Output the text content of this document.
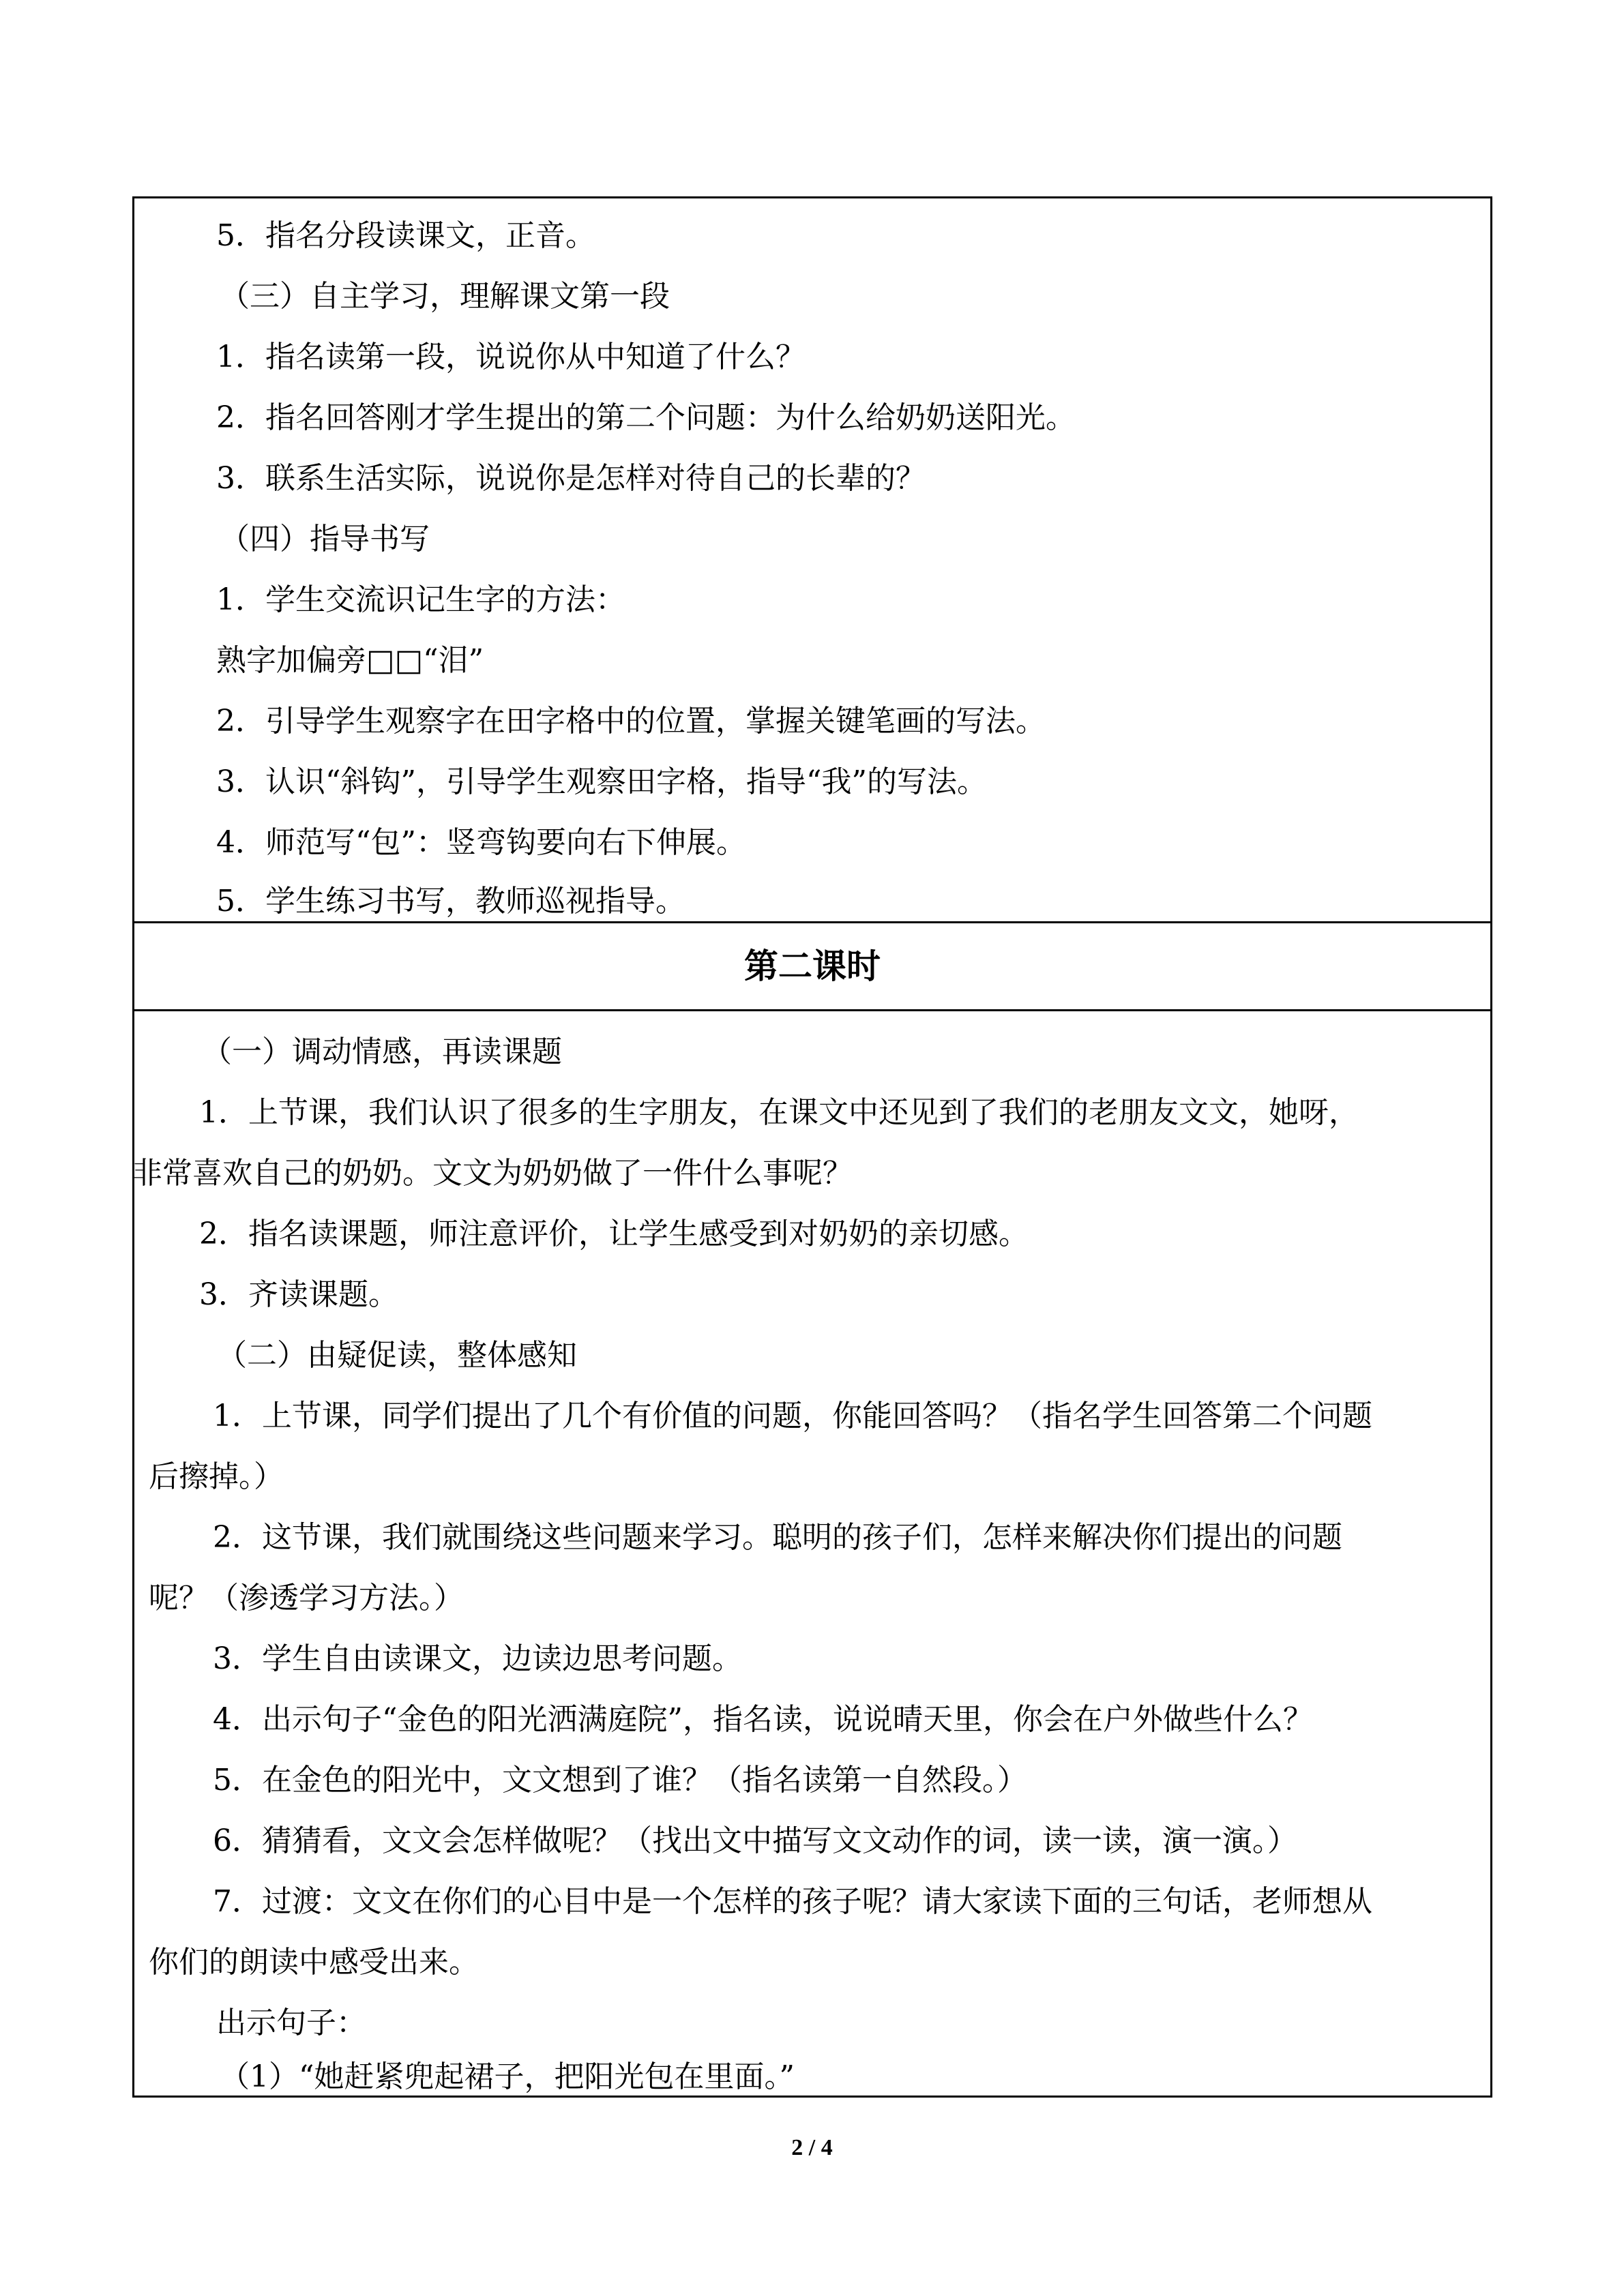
5．指名分段读课文，正音。
（三）自主学习，理解课文第一段
1．指名读第一段，说说你从中知道了什么？
2．指名回答刚才学生提出的第二个问题：为什么给奶奶送阳光。
3．联系生活实际，说说你是怎样对待自己的长辈的？
（四）指导书写
1．学生交流识记生字的方法：
熟字加偏旁□□“泪”
2．引导学生观察字在田字格中的位置，掌握关键笔画的写法。
3．认识“斜钩”，引导学生观察田字格，指导“我”的写法。
4．师范写“包”：竖弯钩要向右下伸展。
5．学生练习书写，教师巡视指导。
第二课时
（一）调动情感，再读课题
1．上节课，我们认识了很多的生字朋友，在课文中还见到了我们的老朋友文文，她呀，
非常喜欢自己的奶奶。文文为奶奶做了一件什么事呢？
2．指名读课题，师注意评价，让学生感受到对奶奶的亲切感。
3．齐读课题。
（二）由疑促读，整体感知
1．上节课，同学们提出了几个有价值的问题，你能回答吗？（指名学生回答第二个问题
后擦掉。）
2．这节课，我们就围绕这些问题来学习。聪明的孩子们，怎样来解决你们提出的问题
呢？（渗透学习方法。）
3．学生自由读课文，边读边思考问题。
4．出示句子“金色的阳光洒满庭院”，指名读，说说晴天里，你会在户外做些什么？
5．在金色的阳光中，文文想到了谁？（指名读第一自然段。）
6．猜猜看，文文会怎样做呢？（找出文中描写文文动作的词，读一读，演一演。）
7．过渡：文文在你们的心目中是一个怎样的孩子呢？请大家读下面的三句话，老师想从
你们的朗读中感受出来。
出示句子：
（1）“她赶紧兜起裙子，把阳光包在里面。”
2 / 4
